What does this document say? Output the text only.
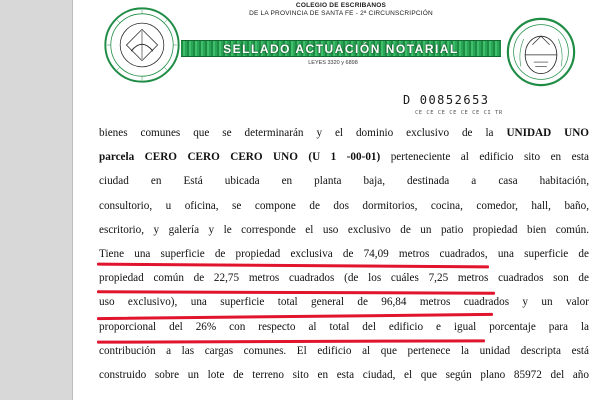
COLEGIO DE ESCRIBANOS
DE LA PROVINCIA DE SANTA FE - 2ª CIRCUNSCRIPCIÓN
SELLADO ACTUACIÓN NOTARIAL
LEYES 3320 y 6898
D 00852653
CE CE CE CE CE CE CI TR
bienes comunes que se determinarán y el dominio exclusivo de la UNIDAD UNO
parcela CERO CERO CERO UNO (U 1 -00-01) perteneciente al edificio sito en esta
ciudad en Está ubicada en planta baja, destinada a casa habitación,
consultorio, u oficina, se compone de dos dormitorios, cocina, comedor, hall, baño,
escritorio, y galería y le corresponde el uso exclusivo de un patio propiedad bien común.
Tiene una superficie de propiedad exclusiva de 74,09 metros cuadrados, una superficie de
propiedad común de 22,75 metros cuadrados (de los cuáles 7,25 metros cuadrados son de
uso exclusivo), una superficie total general de 96,84 metros cuadrados y un valor
proporcional del 26% con respecto al total del edificio e igual porcentaje para la
contribución a las cargas comunes. El edificio al que pertenece la unidad descripta está
construido sobre un lote de terreno sito en esta ciudad, el que según plano 85972 del año
